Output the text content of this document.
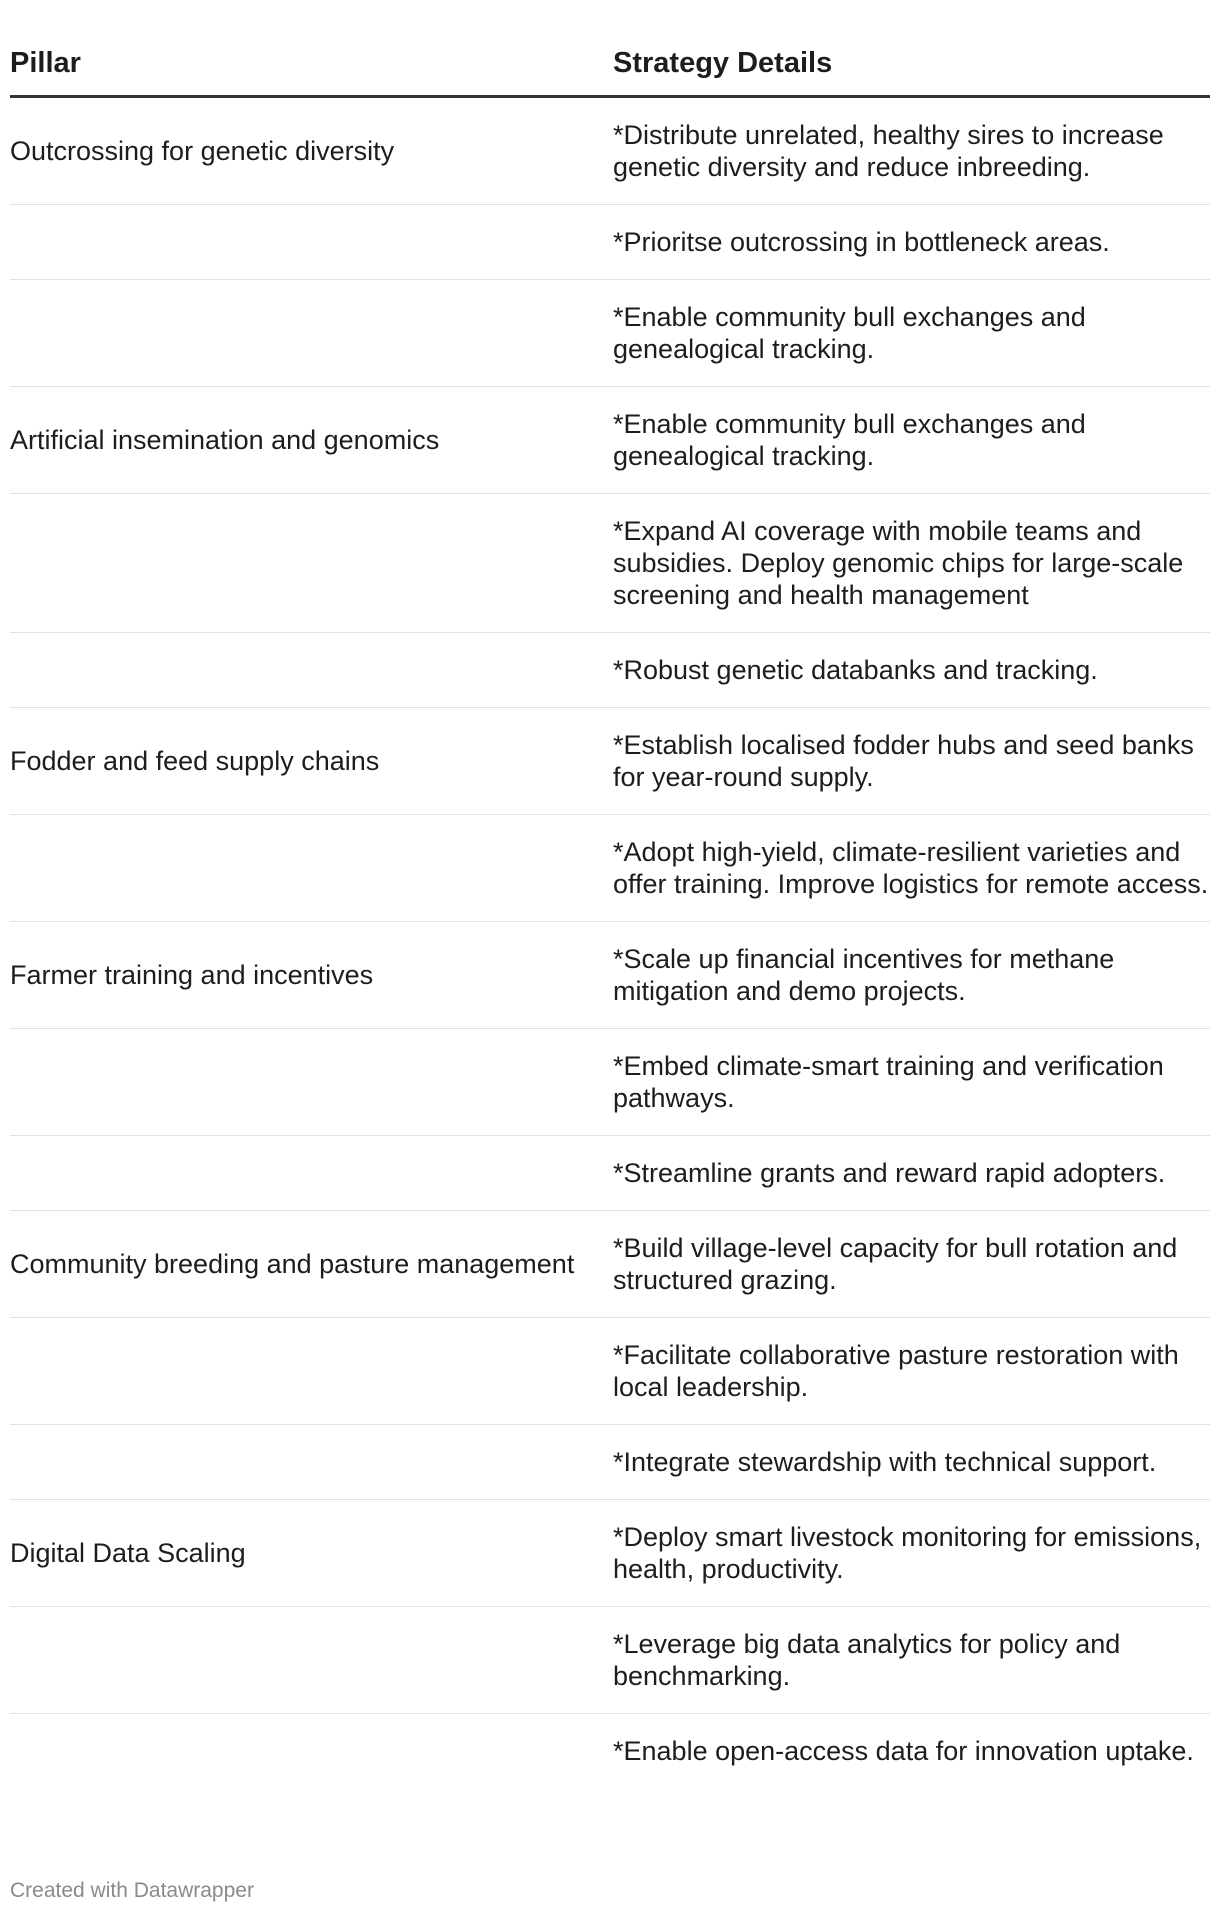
Pillar	Strategy Details
Outcrossing for genetic diversity	*Distribute unrelated, healthy sires to increase genetic diversity and reduce inbreeding.
	*Prioritse outcrossing in bottleneck areas.
	*Enable community bull exchanges and genealogical tracking.
Artificial insemination and genomics	*Enable community bull exchanges and genealogical tracking.
	*Expand AI coverage with mobile teams and subsidies. Deploy genomic chips for large-scale screening and health management
	*Robust genetic databanks and tracking.
Fodder and feed supply chains	*Establish localised fodder hubs and seed banks for year-round supply.
	*Adopt high-yield, climate-resilient varieties and offer training. Improve logistics for remote access.
Farmer training and incentives	*Scale up financial incentives for methane mitigation and demo projects.
	*Embed climate-smart training and verification pathways.
	*Streamline grants and reward rapid adopters.
Community breeding and pasture management	*Build village-level capacity for bull rotation and structured grazing.
	*Facilitate collaborative pasture restoration with local leadership.
	*Integrate stewardship with technical support.
Digital Data Scaling	*Deploy smart livestock monitoring for emissions, health, productivity.
	*Leverage big data analytics for policy and benchmarking.
	*Enable open-access data for innovation uptake.
Created with Datawrapper
